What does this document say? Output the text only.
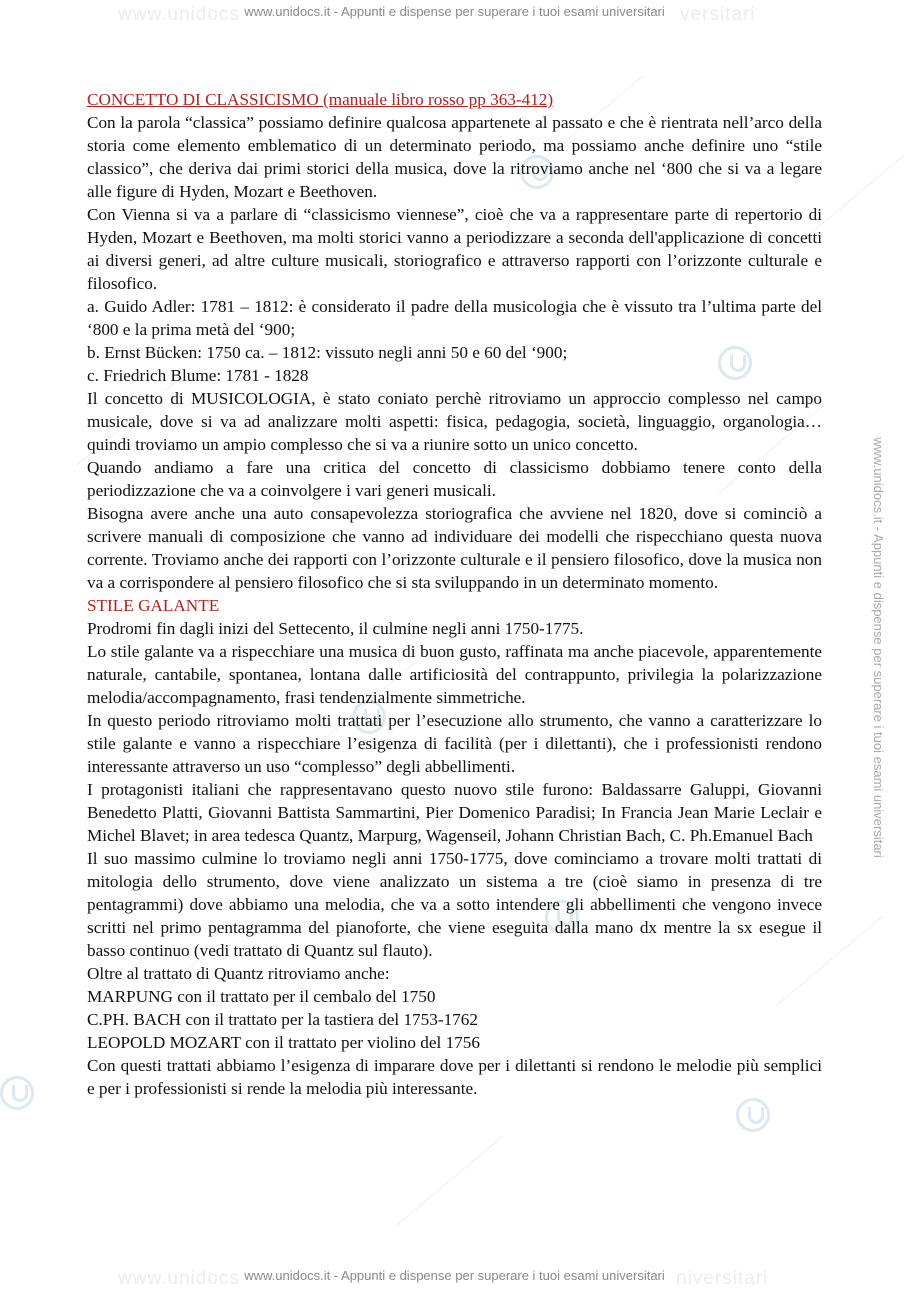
www.unidocs www.unidocs.it - Appunti e dispense per superare i tuoi esami universitari versitari
www.unidocs www.unidocs.it - Appunti e dispense per superare i tuoi esami universitari niversitari
www.unidocs.it - Appunti e dispense per superare i tuoi esami universitari

CONCETTO DI CLASSICISMO (manuale libro rosso pp 363-412)

Con la parola “classica” possiamo definire qualcosa appartenete al passato e che è rientrata nell’arco della storia come elemento emblematico di un determinato periodo, ma possiamo anche definire uno “stile classico”, che deriva dai primi storici della musica, dove la ritroviamo anche nel ‘800 che si va a legare alle figure di Hyden, Mozart e Beethoven.

Con Vienna si va a parlare di “classicismo viennese”, cioè che va a rappresentare parte di repertorio di Hyden, Mozart e Beethoven, ma molti storici vanno a periodizzare a seconda dell'applicazione di concetti ai diversi generi, ad altre culture musicali, storiografico e attraverso rapporti con l’orizzonte culturale e filosofico.

a. Guido Adler: 1781 – 1812: è considerato il padre della musicologia che è vissuto tra l’ultima parte del ‘800 e la prima metà del ‘900;

b. Ernst Bücken: 1750 ca. – 1812: vissuto negli anni 50 e 60 del ‘900;

c. Friedrich Blume: 1781 - 1828

Il concetto di MUSICOLOGIA, è stato coniato perchè ritroviamo un approccio complesso nel campo musicale, dove si va ad analizzare molti aspetti: fisica, pedagogia, società, linguaggio, organologia… quindi troviamo un ampio complesso che si va a riunire sotto un unico concetto.

Quando andiamo a fare una critica del concetto di classicismo dobbiamo tenere conto della periodizzazione che va a coinvolgere i vari generi musicali.

Bisogna avere anche una auto consapevolezza storiografica che avviene nel 1820, dove si cominciò a scrivere manuali di composizione che vanno ad individuare dei modelli che rispecchiano questa nuova corrente. Troviamo anche dei rapporti con l’orizzonte culturale e il pensiero filosofico, dove la musica non va a corrispondere al pensiero filosofico che si sta sviluppando in un determinato momento.

STILE GALANTE

Prodromi fin dagli inizi del Settecento, il culmine negli anni 1750-1775.

Lo stile galante va a rispecchiare una musica di buon gusto, raffinata ma anche piacevole, apparentemente naturale, cantabile, spontanea, lontana dalle artificiosità del contrappunto, privilegia la polarizzazione melodia/accompagnamento, frasi tendenzialmente simmetriche.

In questo periodo ritroviamo molti trattati per l’esecuzione allo strumento, che vanno a caratterizzare lo stile galante e vanno a rispecchiare l’esigenza di facilità (per i dilettanti), che i professionisti rendono interessante attraverso un uso “complesso” degli abbellimenti.

I protagonisti italiani che rappresentavano questo nuovo stile furono: Baldassarre Galuppi, Giovanni Benedetto Platti, Giovanni Battista Sammartini, Pier Domenico Paradisi; In Francia Jean Marie Leclair e Michel Blavet; in area tedesca Quantz, Marpurg, Wagenseil, Johann Christian Bach, C. Ph.Emanuel Bach

Il suo massimo culmine lo troviamo negli anni 1750-1775, dove cominciamo a trovare molti trattati di mitologia dello strumento, dove viene analizzato un sistema a tre (cioè siamo in presenza di tre pentagrammi) dove abbiamo una melodia, che va a sotto intendere gli abbellimenti che vengono invece scritti nel primo pentagramma del pianoforte, che viene eseguita dalla mano dx mentre la sx esegue il basso continuo (vedi trattato di Quantz sul flauto).

Oltre al trattato di Quantz ritroviamo anche:

MARPUNG con il trattato per il cembalo del 1750

C.PH. BACH con il trattato per la tastiera del 1753-1762

LEOPOLD MOZART con il trattato per violino del 1756

Con questi trattati abbiamo l’esigenza di imparare dove per i dilettanti si rendono le melodie più semplici e per i professionisti si rende la melodia più interessante.
